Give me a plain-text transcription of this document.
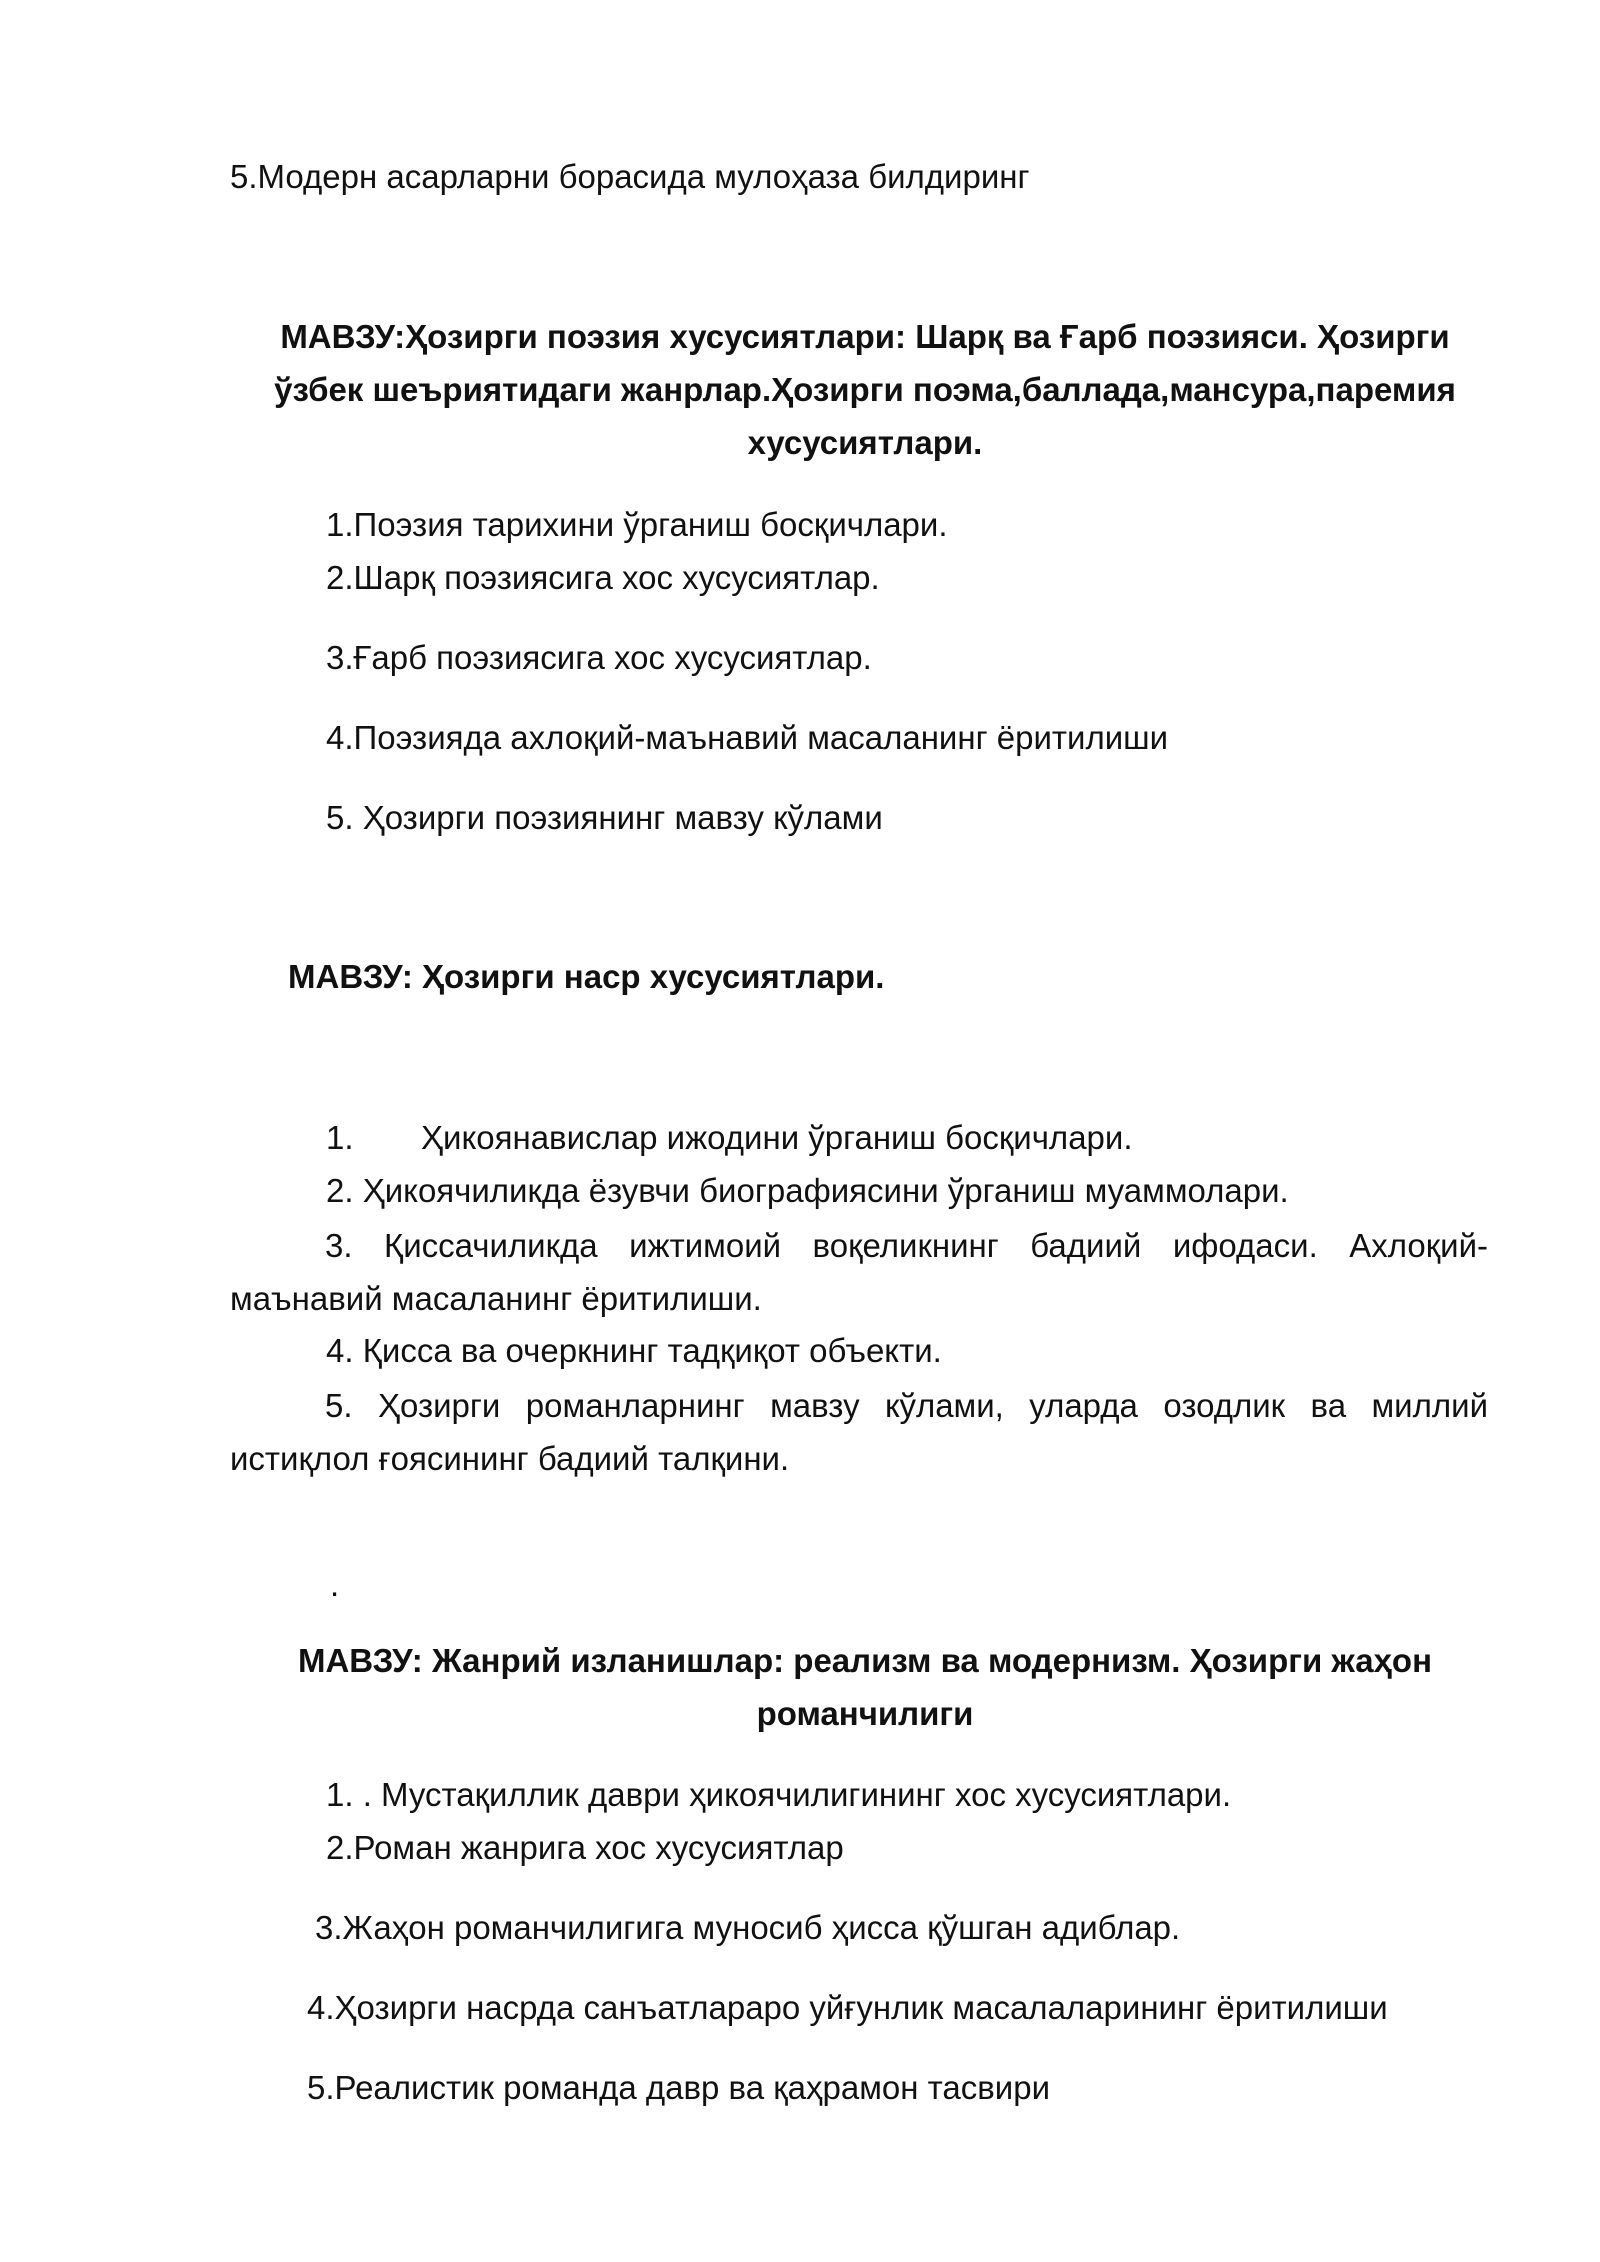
5.Модерн асарларни борасида мулоҳаза билдиринг
МАВЗУ:Ҳозирги поэзия хусусиятлари: Шарқ ва Ғарб поэзияси. Ҳозирги ўзбек шеъриятидаги жанрлар.Ҳозирги поэма,баллада,мансура,паремия хусусиятлари.
1.Поэзия тарихини ўрганиш босқичлари.
2.Шарқ поэзиясига хос хусусиятлар.
3.Ғарб поэзиясига хос хусусиятлар.
4.Поэзияда ахлоқий-маънавий масаланинг ёритилиши
5. Ҳозирги поэзиянинг мавзу кўлами
МАВЗУ: Ҳозирги наср хусусиятлари.
1. Ҳикоянавислар ижодини ўрганиш босқичлари.
2. Ҳикоячиликда ёзувчи биографиясини ўрганиш муаммолари.
3. Қиссачиликда ижтимоий воқеликнинг бадиий ифодаси. Ахлоқий-маънавий масаланинг ёритилиши.
4. Қисса ва очеркнинг тадқиқот объекти.
5. Ҳозирги романларнинг мавзу кўлами, уларда озодлик ва миллий истиқлол ғоясининг бадиий талқини.
.
МАВЗУ: Жанрий изланишлар: реализм ва модернизм. Ҳозирги жаҳон романчилиги
1. . Мустақиллик даври ҳикоячилигининг хос хусусиятлари.
2.Роман жанрига хос хусусиятлар
3.Жаҳон романчилигига муносиб ҳисса қўшган адиблар.
4.Ҳозирги насрда санъатлараро уйғунлик масалаларининг ёритилиши
5.Реалистик романда давр ва қаҳрамон тасвири
